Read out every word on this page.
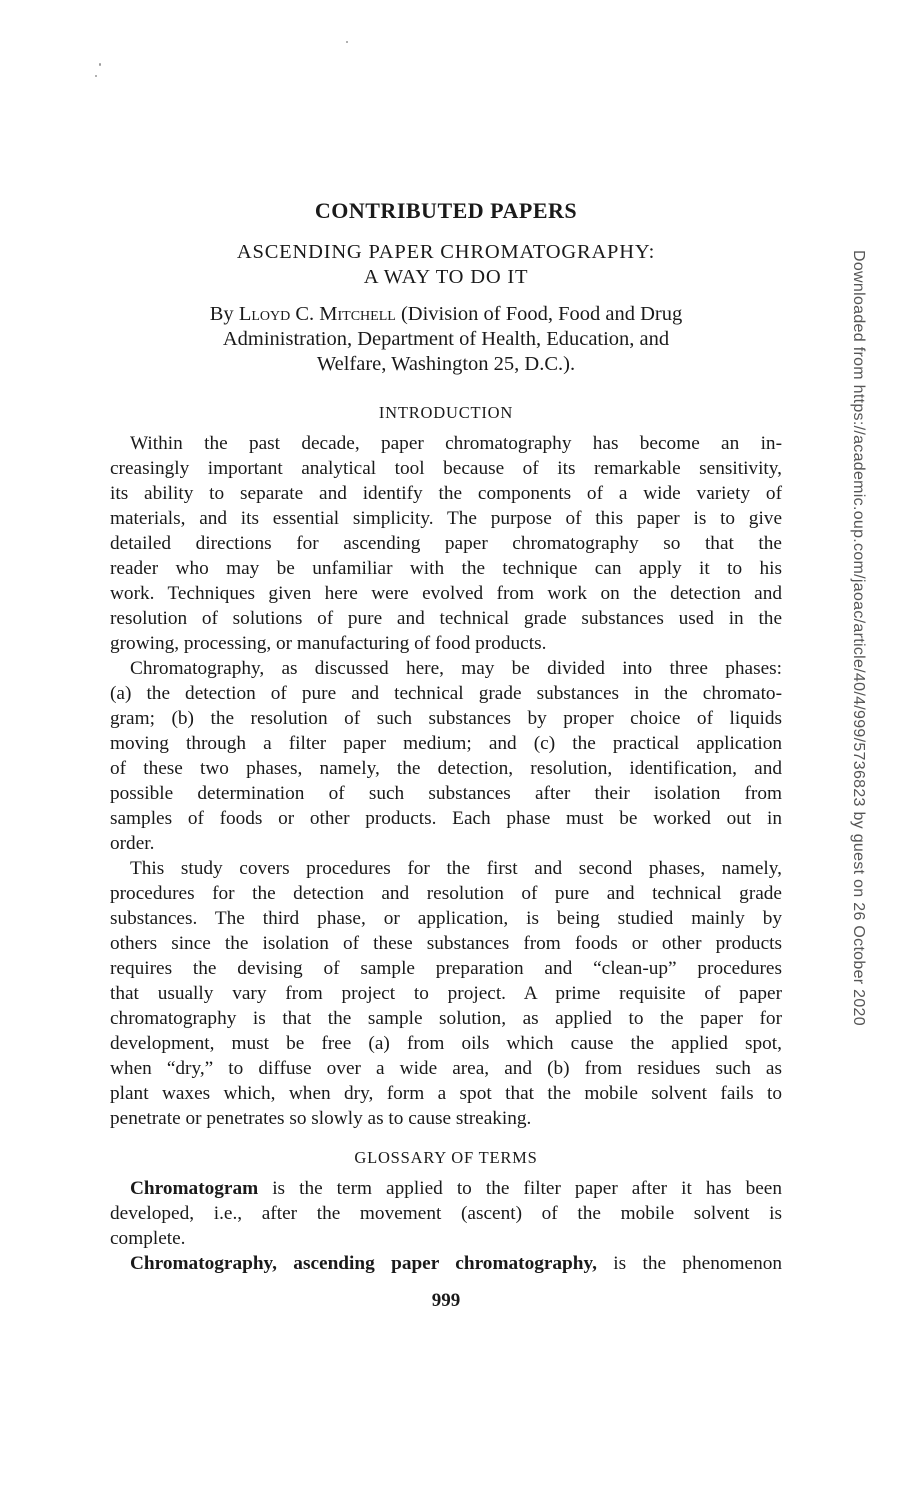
CONTRIBUTED PAPERS
ASCENDING PAPER CHROMATOGRAPHY:
A WAY TO DO IT
By Lloyd C. Mitchell (Division of Food, Food and Drug
Administration, Department of Health, Education, and
Welfare, Washington 25, D.C.).
INTRODUCTION
Within the past decade, paper chromatography has become an in-
creasingly important analytical tool because of its remarkable sensitivity,
its ability to separate and identify the components of a wide variety of
materials, and its essential simplicity. The purpose of this paper is to give
detailed directions for ascending paper chromatography so that the
reader who may be unfamiliar with the technique can apply it to his
work. Techniques given here were evolved from work on the detection and
resolution of solutions of pure and technical grade substances used in the
growing, processing, or manufacturing of food products.
Chromatography, as discussed here, may be divided into three phases:
(a) the detection of pure and technical grade substances in the chromato-
gram; (b) the resolution of such substances by proper choice of liquids
moving through a filter paper medium; and (c) the practical application
of these two phases, namely, the detection, resolution, identification, and
possible determination of such substances after their isolation from
samples of foods or other products. Each phase must be worked out in
order.
This study covers procedures for the first and second phases, namely,
procedures for the detection and resolution of pure and technical grade
substances. The third phase, or application, is being studied mainly by
others since the isolation of these substances from foods or other products
requires the devising of sample preparation and “clean-up” procedures
that usually vary from project to project. A prime requisite of paper
chromatography is that the sample solution, as applied to the paper for
development, must be free (a) from oils which cause the applied spot,
when “dry,” to diffuse over a wide area, and (b) from residues such as
plant waxes which, when dry, form a spot that the mobile solvent fails to
penetrate or penetrates so slowly as to cause streaking.
GLOSSARY OF TERMS
Chromatogram is the term applied to the filter paper after it has been
developed, i.e., after the movement (ascent) of the mobile solvent is
complete.
Chromatography, ascending paper chromatography, is the phenomenon
999
Downloaded from https://academic.oup.com/jaoac/article/40/4/999/5736823 by guest on 26 October 2020
